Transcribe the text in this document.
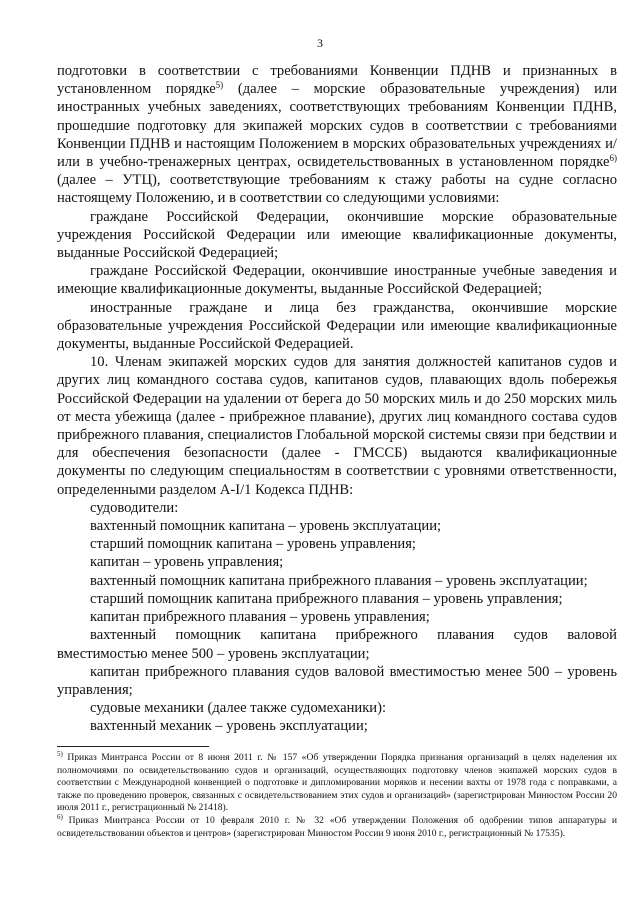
3

подготовки в соответствии с требованиями Конвенции ПДНВ и признанных в установленном порядке$^{5)}$ (далее – морские образовательные учреждения) или иностранных учебных заведениях, соответствующих требованиям Конвенции ПДНВ, прошедшие подготовку для экипажей морских судов в соответствии с требованиями Конвенции ПДНВ и настоящим Положением в морских образовательных учреждениях и/или в учебно-тренажерных центрах, освидетельствованных в установленном порядке$^{6)}$ (далее – УТЦ), соответствующие требованиям к стажу работы на судне согласно настоящему Положению, и в соответствии со следующими условиями:

граждане Российской Федерации, окончившие морские образовательные учреждения Российской Федерации или имеющие квалификационные документы, выданные Российской Федерацией;

граждане Российской Федерации, окончившие иностранные учебные заведения и имеющие квалификационные документы, выданные Российской Федерацией;

иностранные граждане и лица без гражданства, окончившие морские образовательные учреждения Российской Федерации или имеющие квалификационные документы, выданные Российской Федерацией.

10. Членам экипажей морских судов для занятия должностей капитанов судов и других лиц командного состава судов, капитанов судов, плавающих вдоль побережья Российской Федерации на удалении от берега до 50 морских миль и до 250 морских миль от места убежища (далее - прибрежное плавание), других лиц командного состава судов прибрежного плавания, специалистов Глобальной морской системы связи при бедствии и для обеспечения безопасности (далее - ГМССБ) выдаются квалификационные документы по следующим специальностям в соответствии с уровнями ответственности, определенными разделом A-I/1 Кодекса ПДНВ:

судоводители:

вахтенный помощник капитана – уровень эксплуатации;

старший помощник капитана – уровень управления;

капитан – уровень управления;

вахтенный помощник капитана прибрежного плавания – уровень эксплуатации;

старший помощник капитана прибрежного плавания – уровень управления;

капитан прибрежного плавания – уровень управления;

вахтенный помощник капитана прибрежного плавания судов валовой вместимостью менее 500 – уровень эксплуатации;

капитан прибрежного плавания судов валовой вместимостью менее 500 – уровень управления;

судовые механики (далее также судомеханики):

вахтенный механик – уровень эксплуатации;

$^{5)}$ Приказ Минтранса России от 8 июня 2011 г. № 157 «Об утверждении Порядка признания организаций в целях наделения их полномочиями по освидетельствованию судов и организаций, осуществляющих подготовку членов экипажей морских судов в соответствии с Международной конвенцией о подготовке и дипломировании моряков и несении вахты от 1978 года с поправками, а также по проведению проверок, связанных с освидетельствованием этих судов и организаций» (зарегистрирован Минюстом России 20 июля 2011 г., регистрационный № 21418).

$^{6)}$ Приказ Минтранса России от 10 февраля 2010 г. № 32 «Об утверждении Положения об одобрении типов аппаратуры и освидетельствовании объектов и центров» (зарегистрирован Минюстом России 9 июня 2010 г., регистрационный № 17535).
